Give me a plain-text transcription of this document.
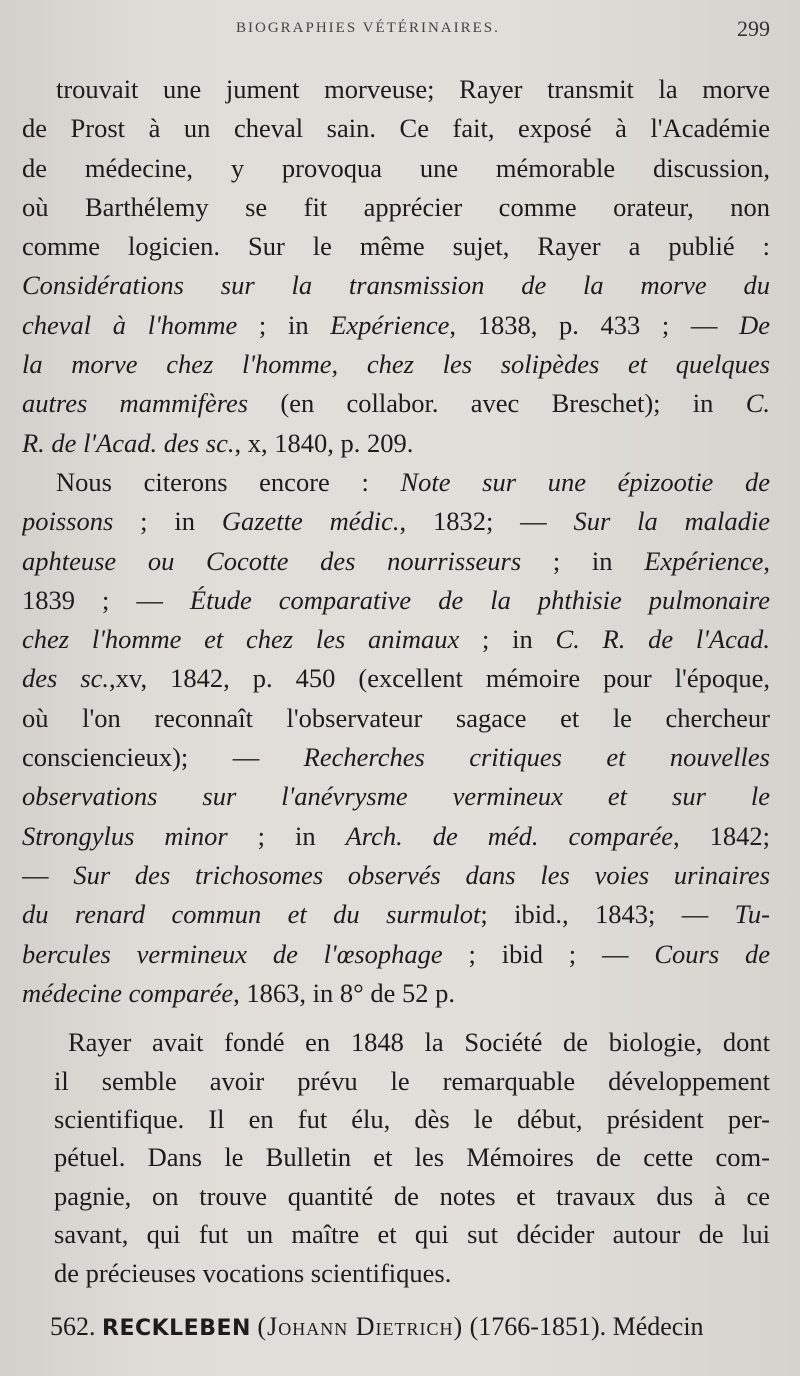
BIOGRAPHIES VÉTÉRINAIRES.	299
trouvait une jument morveuse; Rayer transmit la morve
de Prost à un cheval sain. Ce fait, exposé à l'Académie
de médecine, y provoqua une mémorable discussion,
où Barthélemy se fit apprécier comme orateur, non
comme logicien. Sur le même sujet, Rayer a publié :
Considérations sur la transmission de la morve du
cheval à l'homme ; in Expérience, 1838, p. 433 ; — De
la morve chez l'homme, chez les solipèdes et quelques
autres mammifères (en collabor. avec Breschet); in C.
R. de l'Acad. des sc., x, 1840, p. 209.
Nous citerons encore : Note sur une épizootie de
poissons ; in Gazette médic., 1832; — Sur la maladie
aphteuse ou Cocotte des nourrisseurs ; in Expérience,
1839 ; — Étude comparative de la phthisie pulmonaire
chez l'homme et chez les animaux ; in C. R. de l'Acad.
des sc.,xv, 1842, p. 450 (excellent mémoire pour l'époque,
où l'on reconnaît l'observateur sagace et le chercheur
consciencieux); — Recherches critiques et nouvelles
observations sur l'anévrysme vermineux et sur le
Strongylus minor ; in Arch. de méd. comparée, 1842;
— Sur des trichosomes observés dans les voies urinaires
du renard commun et du surmulot; ibid., 1843; — Tu-
bercules vermineux de l'œsophage ; ibid ; — Cours de
médecine comparée, 1863, in 8° de 52 p.
Rayer avait fondé en 1848 la Société de biologie, dont
il semble avoir prévu le remarquable développement
scientifique. Il en fut élu, dès le début, président per-
pétuel. Dans le Bulletin et les Mémoires de cette com-
pagnie, on trouve quantité de notes et travaux dus à ce
savant, qui fut un maître et qui sut décider autour de lui
de précieuses vocations scientifiques.
562. RECKLEBEN (Johann Dietrich) (1766-1851). Médecin
